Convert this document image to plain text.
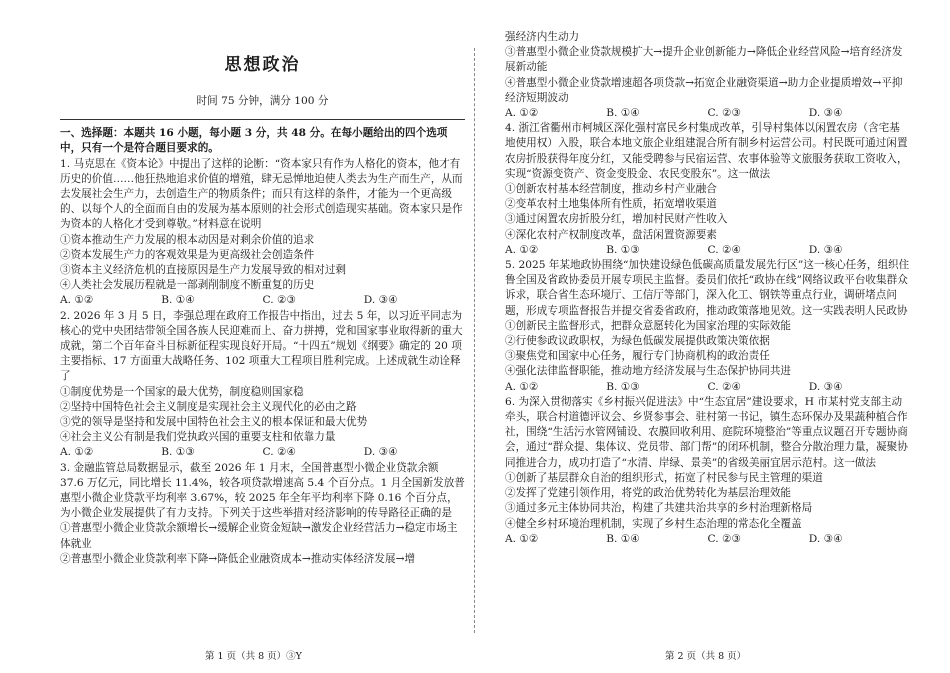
思想政治
时间 75 分钟，满分 100 分

一、选择题：本题共 16 小题，每小题 3 分，共 48 分。在每小题给出的四个选项中，只有一个是符合题目要求的。

1. 马克思在《资本论》中提出了这样的论断：“资本家只有作为人格化的资本，他才有历史的价值……他狂热地追求价值的增殖，肆无忌惮地迫使人类去为生产而生产，从而去发展社会生产力，去创造生产的物质条件；而只有这样的条件，才能为一个更高级的、以每个人的全面而自由的发展为基本原则的社会形式创造现实基础。资本家只是作为资本的人格化才受到尊敬。”材料意在说明

①资本推动生产力发展的根本动因是对剩余价值的追求

②资本发展生产力的客观效果是为更高级社会创造条件

③资本主义经济危机的直接原因是生产力发展导致的相对过剩

④人类社会发展历程就是一部剥削制度不断重复的历史

A. ①②	B. ①④	C. ②③	D. ③④

2. 2026 年 3 月 5 日，李强总理在政府工作报告中指出，过去 5 年，以习近平同志为核心的党中央团结带领全国各族人民迎难而上、奋力拼搏，党和国家事业取得新的重大成就，第二个百年奋斗目标新征程实现良好开局。“十四五”规划《纲要》确定的 20 项主要指标、17 方面重大战略任务、102 项重大工程项目胜利完成。上述成就生动诠释了

①制度优势是一个国家的最大优势，制度稳则国家稳

②坚持中国特色社会主义制度是实现社会主义现代化的必由之路

③党的领导是坚持和发展中国特色社会主义的根本保证和最大优势

④社会主义公有制是我们党执政兴国的重要支柱和依靠力量

A. ①②	B. ①③	C. ②④	D. ③④

3. 金融监管总局数据显示，截至 2026 年 1 月末，全国普惠型小微企业贷款余额 37.6 万亿元，同比增长 11.4%，较各项贷款增速高 5.4 个百分点。1 月全国新发放普惠型小微企业贷款平均利率 3.67%，较 2025 年全年平均利率下降 0.16 个百分点，为小微企业发展提供了有力支持。下列关于这些举措对经济影响的传导路径正确的是

①普惠型小微企业贷款余额增长→缓解企业资金短缺→激发企业经营活力→稳定市场主体就业

②普惠型小微企业贷款利率下降→降低企业融资成本→推动实体经济发展→增

强经济内生动力

③普惠型小微企业贷款规模扩大→提升企业创新能力→降低企业经营风险→培育经济发展新动能

④普惠型小微企业贷款增速超各项贷款→拓宽企业融资渠道→助力企业提质增效→平抑经济短期波动

A. ①②	B. ①④	C. ②③	D. ③④

4. 浙江省衢州市柯城区深化强村富民乡村集成改革，引导村集体以闲置农房（含宅基地使用权）入股，联合本地文旅企业组建混合所有制乡村运营公司。村民既可通过闲置农房折股获得年度分红，又能受聘参与民宿运营、农事体验等文旅服务获取工资收入，实现“资源变资产、资金变股金、农民变股东”。这一做法

①创新农村基本经营制度，推动乡村产业融合

②变革农村土地集体所有性质，拓宽增收渠道

③通过闲置农房折股分红，增加村民财产性收入

④深化农村产权制度改革，盘活闲置资源要素

A. ①②	B. ①③	C. ②④	D. ③④

5. 2025 年某地政协围绕“加快建设绿色低碳高质量发展先行区”这一核心任务，组织住鲁全国及省政协委员开展专项民主监督。委员们依托“政协在线”网络议政平台收集群众诉求，联合省生态环境厅、工信厅等部门，深入化工、钢铁等重点行业，调研堵点问题，形成专项监督报告并提交省委省政府，推动政策落地见效。这一实践表明人民政协

①创新民主监督形式，把群众意愿转化为国家治理的实际效能

②行使参政议政职权，为绿色低碳发展提供政策决策依据

③聚焦党和国家中心任务，履行专门协商机构的政治责任

④强化法律监督职能，推动地方经济发展与生态保护协同共进

A. ①②	B. ①③	C. ②④	D. ③④

6. 为深入贯彻落实《乡村振兴促进法》中“生态宜居”建设要求，H 市某村党支部主动牵头，联合村道德评议会、乡贤参事会、驻村第一书记，镇生态环保办及果蔬种植合作社，围绕“生活污水管网铺设、农膜回收利用、庭院环境整治”等重点议题召开专题协商会，通过“群众提、集体议、党员带、部门帮”的闭环机制，整合分散治理力量，凝聚协同推进合力，成功打造了“水清、岸绿、景美”的省级美丽宜居示范村。这一做法

①创新了基层群众自治的组织形式，拓宽了村民参与民主管理的渠道

②发挥了党建引领作用，将党的政治优势转化为基层治理效能

③通过多元主体协同共治，构建了共建共治共享的乡村治理新格局

④健全乡村环境治理机制，实现了乡村生态治理的常态化全覆盖

A. ①②	B. ①④	C. ②③	D. ③④
第 1 页（共 8 页）③Y	第 2 页（共 8 页）
